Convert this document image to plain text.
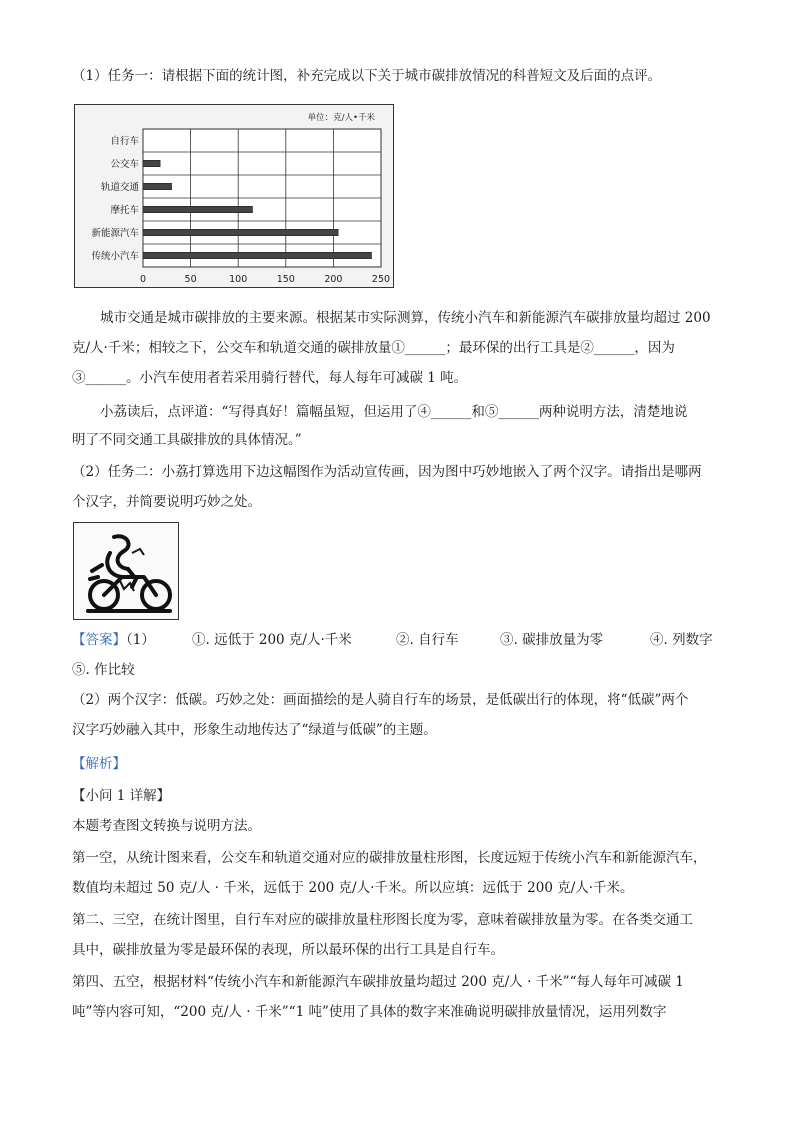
（1）任务一：请根据下面的统计图，补充完成以下关于城市碳排放情况的科普短文及后面的点评。
单位：克/人•千米
0	50	100	150	200	250
自行车
公交车
轨道交通
摩托车
新能源汽车
传统小汽车
城市交通是城市碳排放的主要来源。根据某市实际测算，传统小汽车和新能源汽车碳排放量均超过 200
克/人·千米；相较之下，公交车和轨道交通的碳排放量①______；最环保的出行工具是②______，因为
③______。小汽车使用者若采用骑行替代，每人每年可减碳 1 吨。
小荔读后，点评道：“写得真好！篇幅虽短，但运用了④______和⑤______两种说明方法，清楚地说
明了不同交通工具碳排放的具体情况。”
（2）任务二：小荔打算选用下边这幅图作为活动宣传画，因为图中巧妙地嵌入了两个汉字。请指出是哪两
个汉字，并简要说明巧妙之处。
【答案】（1）	①. 远低于 200 克/人·千米	②. 自行车	③. 碳排放量为零	④. 列数字
⑤. 作比较
（2）两个汉字：低碳。巧妙之处：画面描绘的是人骑自行车的场景，是低碳出行的体现，将“低碳”两个
汉字巧妙融入其中，形象生动地传达了“绿道与低碳”的主题。
【解析】
【小问 1 详解】
本题考查图文转换与说明方法。
第一空，从统计图来看，公交车和轨道交通对应的碳排放量柱形图，长度远短于传统小汽车和新能源汽车，
数值均未超过 50 克/人 · 千米，远低于 200 克/人·千米。所以应填：远低于 200 克/人·千米。
第二、三空，在统计图里，自行车对应的碳排放量柱形图长度为零，意味着碳排放量为零。在各类交通工
具中，碳排放量为零是最环保的表现，所以最环保的出行工具是自行车。
第四、五空，根据材料“传统小汽车和新能源汽车碳排放量均超过 200 克/人 · 千米”“每人每年可减碳 1
吨”等内容可知，“200 克/人 · 千米”“1 吨”使用了具体的数字来准确说明碳排放量情况，运用列数字
